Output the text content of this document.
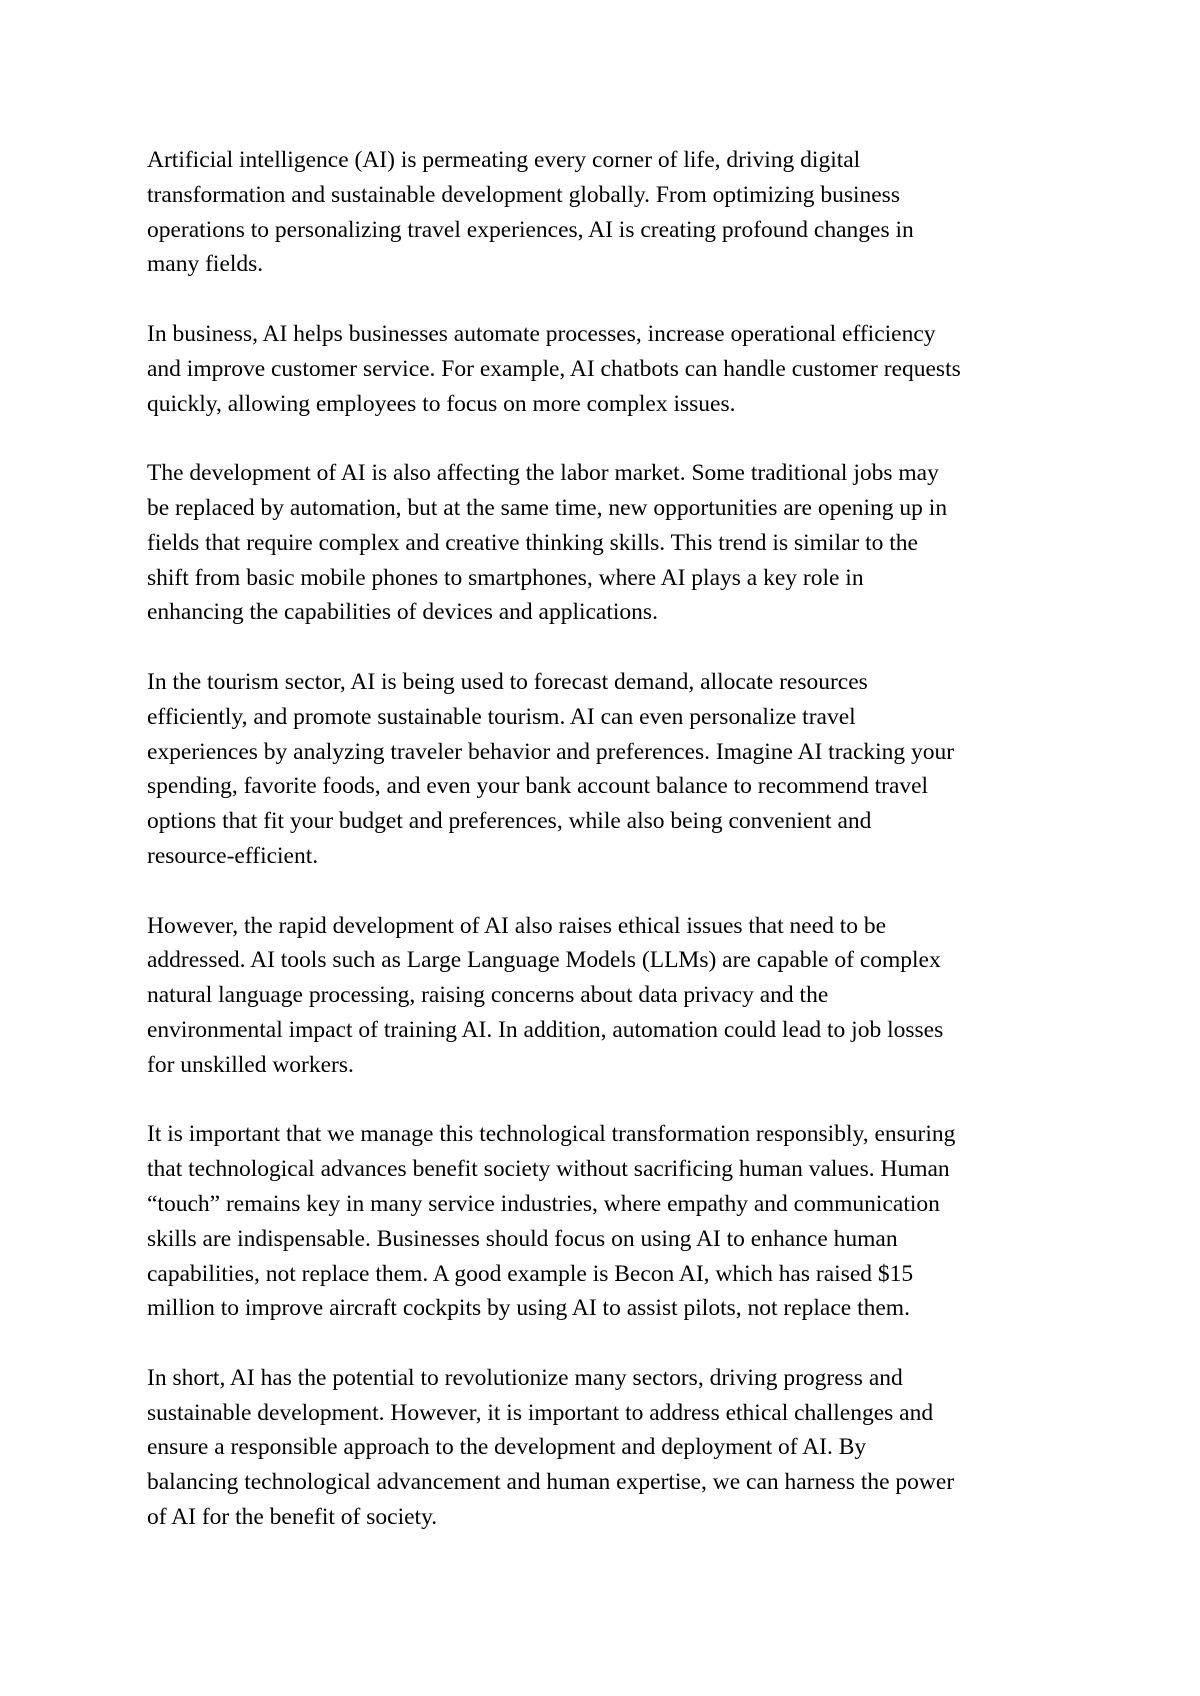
Artificial intelligence (AI) is permeating every corner of life, driving digital
transformation and sustainable development globally. From optimizing business
operations to personalizing travel experiences, AI is creating profound changes in
many fields.

In business, AI helps businesses automate processes, increase operational efficiency
and improve customer service. For example, AI chatbots can handle customer requests
quickly, allowing employees to focus on more complex issues.

The development of AI is also affecting the labor market. Some traditional jobs may
be replaced by automation, but at the same time, new opportunities are opening up in
fields that require complex and creative thinking skills. This trend is similar to the
shift from basic mobile phones to smartphones, where AI plays a key role in
enhancing the capabilities of devices and applications.

In the tourism sector, AI is being used to forecast demand, allocate resources
efficiently, and promote sustainable tourism. AI can even personalize travel
experiences by analyzing traveler behavior and preferences. Imagine AI tracking your
spending, favorite foods, and even your bank account balance to recommend travel
options that fit your budget and preferences, while also being convenient and
resource-efficient.

However, the rapid development of AI also raises ethical issues that need to be
addressed. AI tools such as Large Language Models (LLMs) are capable of complex
natural language processing, raising concerns about data privacy and the
environmental impact of training AI. In addition, automation could lead to job losses
for unskilled workers.

It is important that we manage this technological transformation responsibly, ensuring
that technological advances benefit society without sacrificing human values. Human
“touch” remains key in many service industries, where empathy and communication
skills are indispensable. Businesses should focus on using AI to enhance human
capabilities, not replace them. A good example is Becon AI, which has raised $15
million to improve aircraft cockpits by using AI to assist pilots, not replace them.

In short, AI has the potential to revolutionize many sectors, driving progress and
sustainable development. However, it is important to address ethical challenges and
ensure a responsible approach to the development and deployment of AI. By
balancing technological advancement and human expertise, we can harness the power
of AI for the benefit of society.
